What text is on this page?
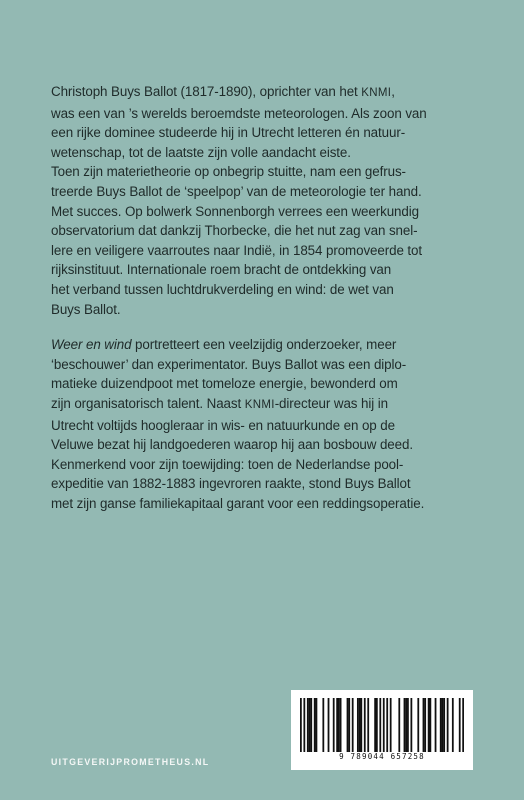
Christoph Buys Ballot (1817-1890), oprichter van het KNMI,
was een van ’s werelds beroemdste meteorologen. Als zoon van
een rijke dominee studeerde hij in Utrecht letteren én natuur-
wetenschap, tot de laatste zijn volle aandacht eiste.

Toen zijn materietheorie op onbegrip stuitte, nam een gefrus-
treerde Buys Ballot de ‘speelpop’ van de meteorologie ter hand.
Met succes. Op bolwerk Sonnenborgh verrees een weerkundig
observatorium dat dankzij Thorbecke, die het nut zag van snel-
lere en veiligere vaarroutes naar Indië, in 1854 promoveerde tot
rijksinstituut. Internationale roem bracht de ontdekking van
het verband tussen luchtdrukverdeling en wind: de wet van
Buys Ballot.

Weer en wind portretteert een veelzijdig onderzoeker, meer
‘beschouwer’ dan experimentator. Buys Ballot was een diplo-
matieke duizendpoot met tomeloze energie, bewonderd om
zijn organisatorisch talent. Naast KNMI-directeur was hij in
Utrecht voltijds hoogleraar in wis- en natuurkunde en op de
Veluwe bezat hij landgoederen waarop hij aan bosbouw deed.
Kenmerkend voor zijn toewijding: toen de Nederlandse pool-
expeditie van 1882-1883 ingevroren raakte, stond Buys Ballot
met zijn ganse familiekapitaal garant voor een reddingsoperatie.

UITGEVERIJPROMETHEUS.NL
9 789044 657258
